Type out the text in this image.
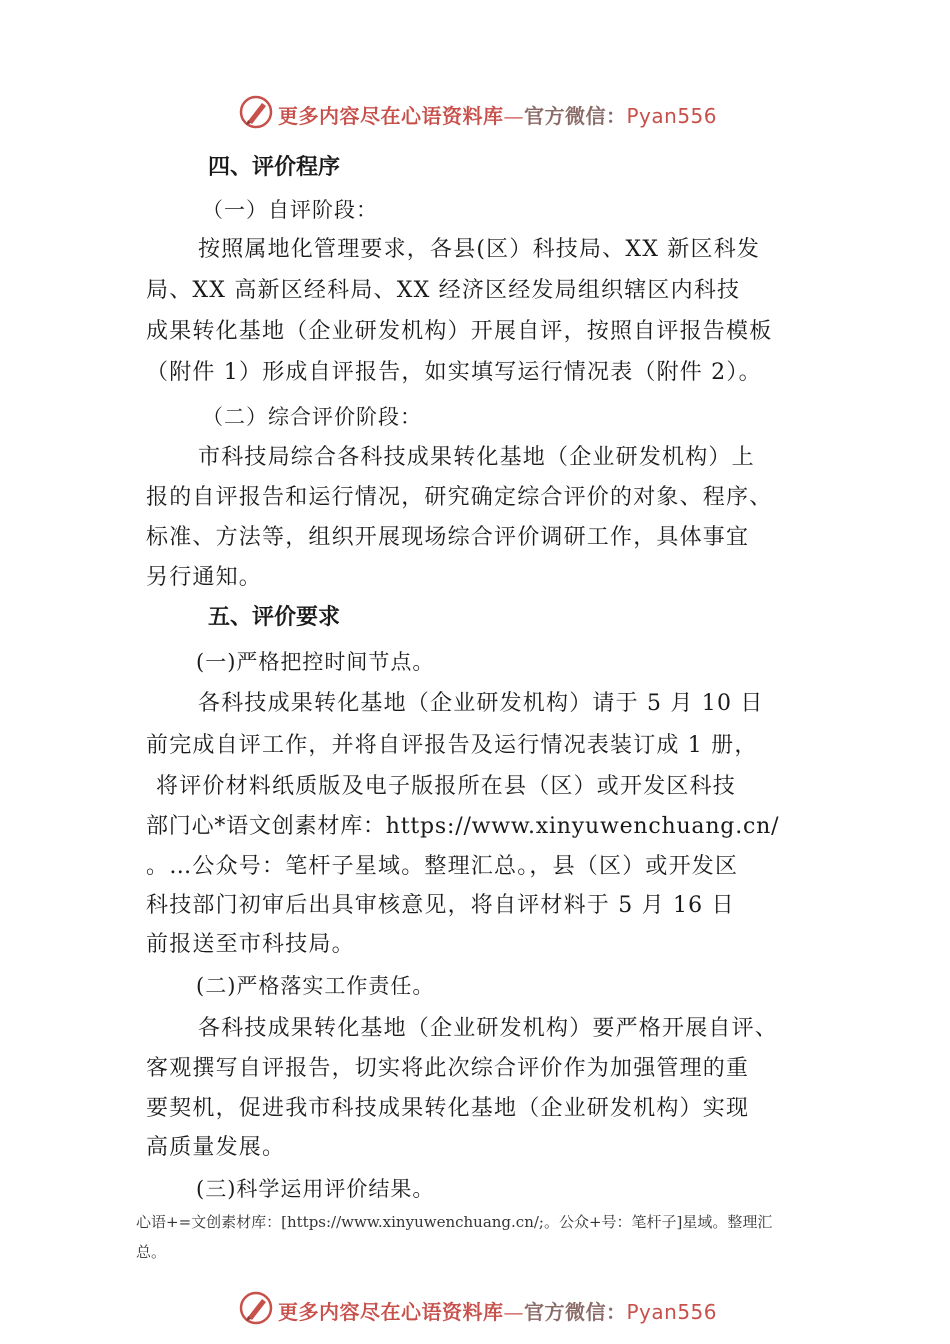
更多内容尽在心语资料库—官方微信：Pyan556
四、评价程序
（一）自评阶段：
按照属地化管理要求，各县(区）科技局、XX 新区科发
局、XX 高新区经科局、XX 经济区经发局组织辖区内科技
成果转化基地（企业研发机构）开展自评，按照自评报告模板
（附件 1）形成自评报告，如实填写运行情况表（附件 2）。
（二）综合评价阶段：
市科技局综合各科技成果转化基地（企业研发机构）上
报的自评报告和运行情况，研究确定综合评价的对象、程序、
标准、方法等，组织开展现场综合评价调研工作，具体事宜
另行通知。
五、评价要求
(一)严格把控时间节点。
各科技成果转化基地（企业研发机构）请于 5 月 10 日
前完成自评工作，并将自评报告及运行情况表装订成 1 册，
将评价材料纸质版及电子版报所在县（区）或开发区科技
部门心*语文创素材库：https://www.xinyuwenchuang.cn/
。…公众号：笔杆子星域。整理汇总。，县（区）或开发区
科技部门初审后出具审核意见，将自评材料于 5 月 16 日
前报送至市科技局。
(二)严格落实工作责任。
各科技成果转化基地（企业研发机构）要严格开展自评、
客观撰写自评报告，切实将此次综合评价作为加强管理的重
要契机，促进我市科技成果转化基地（企业研发机构）实现
高质量发展。
(三)科学运用评价结果。
心语+=文创素材库：[https://www.xinyuwenchuang.cn/;。公众+号：笔杆子]星域。整理汇
总。
更多内容尽在心语资料库—官方微信：Pyan556
